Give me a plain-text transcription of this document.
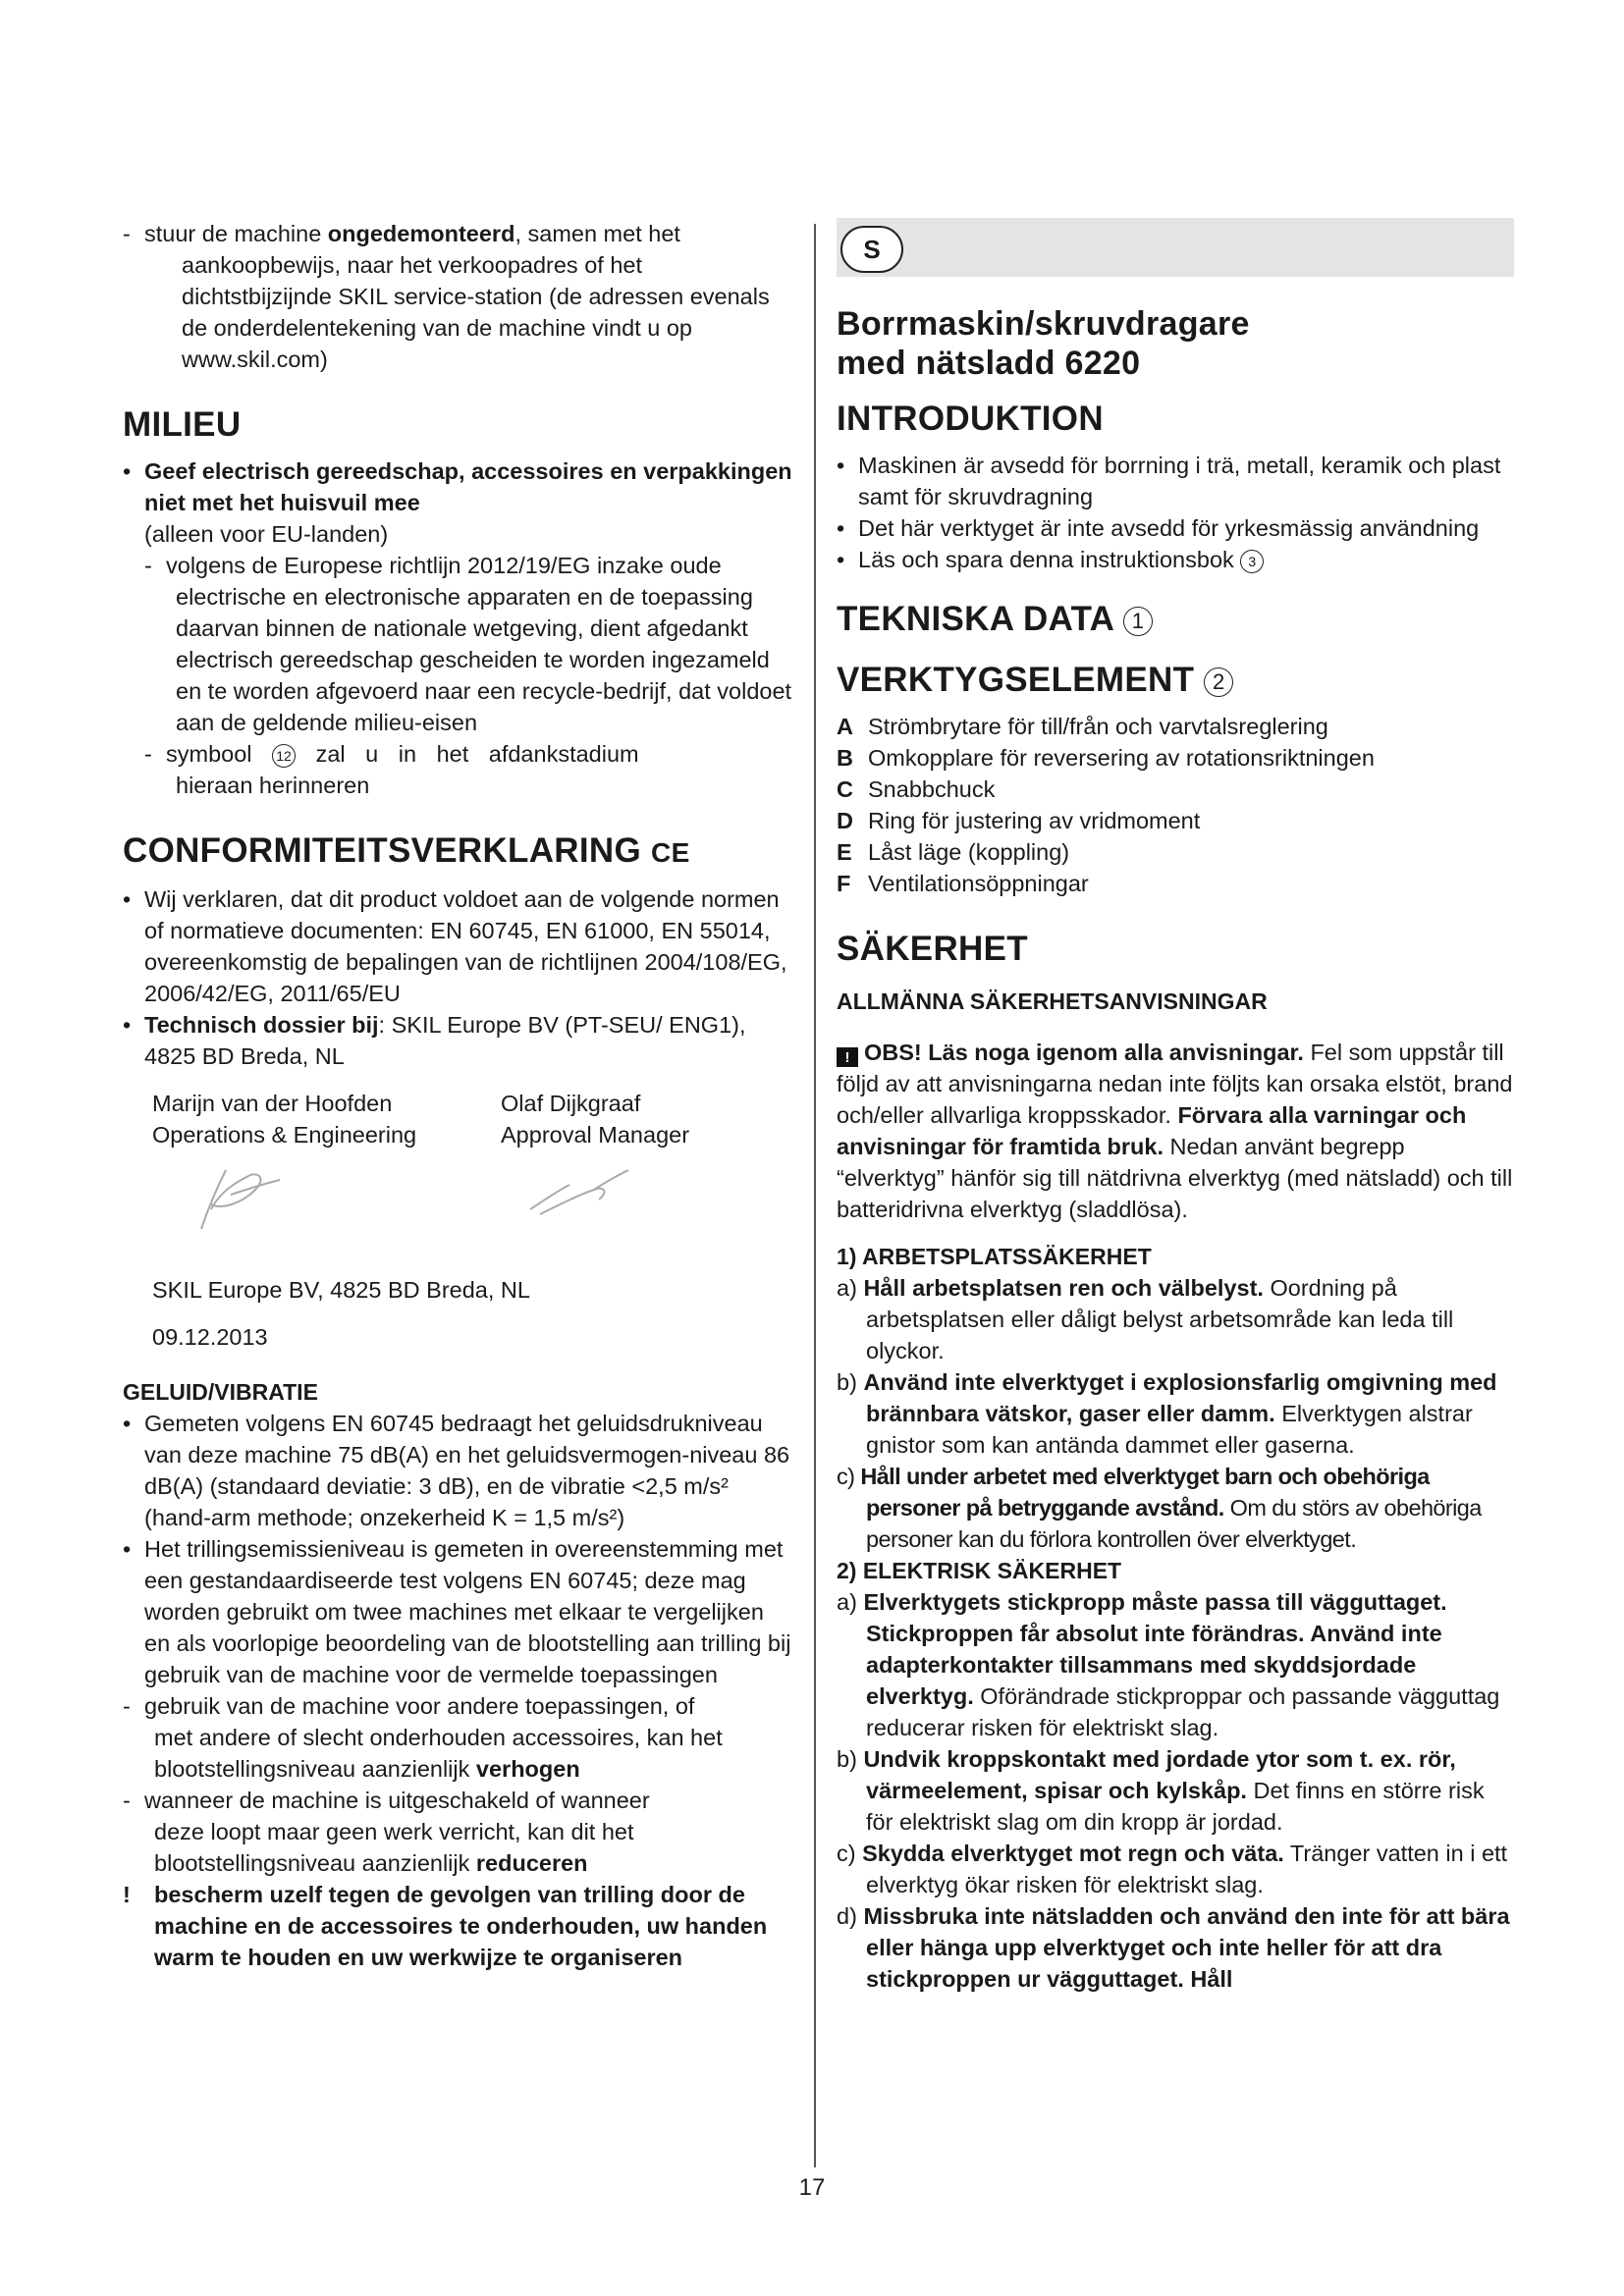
- stuur de machine ongedemonteerd, samen met het
aankoopbewijs, naar het verkoopadres of het dichtstbijzijnde SKIL service-station (de adressen evenals de onderdelentekening van de machine vindt u op www.skil.com)
MILIEU
• Geef electrisch gereedschap, accessoires en verpakkingen niet met het huisvuil mee
(alleen voor EU-landen)
- volgens de Europese richtlijn 2012/19/EG inzake oude
electrische en electronische apparaten en de toepassing daarvan binnen de nationale wetgeving, dient afgedankt electrisch gereedschap gescheiden te worden ingezameld en te worden afgevoerd naar een recycle-bedrijf, dat voldoet aan de geldende milieu-eisen
- symbool 12 zal u in het afdankstadium
hieraan herinneren
CONFORMITEITSVERKLARING CE
• Wij verklaren, dat dit product voldoet aan de volgende normen of normatieve documenten: EN 60745, EN 61000, EN 55014, overeenkomstig de bepalingen van de richtlijnen 2004/108/EG, 2006/42/EG, 2011/65/EU
• Technisch dossier bij: SKIL Europe BV (PT-SEU/ ENG1), 4825 BD Breda, NL
Marijn van der Hoofden
Operations & Engineering
Olaf Dijkgraaf
Approval Manager
SKIL Europe BV, 4825 BD Breda, NL
09.12.2013
GELUID/VIBRATIE
• Gemeten volgens EN 60745 bedraagt het geluidsdrukniveau van deze machine 75 dB(A) en het geluidsvermogen-niveau 86 dB(A) (standaard deviatie: 3 dB), en de vibratie <2,5 m/s² (hand-arm methode; onzekerheid K = 1,5 m/s²)
• Het trillingsemissieniveau is gemeten in overeenstemming met een gestandaardiseerde test volgens EN 60745; deze mag worden gebruikt om twee machines met elkaar te vergelijken en als voorlopige beoordeling van de blootstelling aan trilling bij gebruik van de machine voor de vermelde toepassingen
- gebruik van de machine voor andere toepassingen, of
met andere of slecht onderhouden accessoires, kan het blootstellingsniveau aanzienlijk verhogen
- wanneer de machine is uitgeschakeld of wanneer
deze loopt maar geen werk verricht, kan dit het blootstellingsniveau aanzienlijk reduceren
!	bescherm uzelf tegen de gevolgen van trilling door de machine en de accessoires te onderhouden, uw handen warm te houden en uw werkwijze te organiseren
S
Borrmaskin/skruvdragare
med nätsladd 6220
INTRODUKTION
• Maskinen är avsedd för borrning i trä, metall, keramik och plast samt för skruvdragning
• Det här verktyget är inte avsedd för yrkesmässig användning
• Läs och spara denna instruktionsbok 3
TEKNISKA DATA 1
VERKTYGSELEMENT 2
A Strömbrytare för till/från och varvtalsreglering
B Omkopplare för reversering av rotationsriktningen
C Snabbchuck
D Ring för justering av vridmoment
E Låst läge (koppling)
F Ventilationsöppningar
SÄKERHET
ALLMÄNNA SÄKERHETSANVISNINGAR
! OBS! Läs noga igenom alla anvisningar. Fel som uppstår till följd av att anvisningarna nedan inte följts kan orsaka elstöt, brand och/eller allvarliga kroppsskador. Förvara alla varningar och anvisningar för framtida bruk. Nedan använt begrepp “elverktyg” hänför sig till nätdrivna elverktyg (med nätsladd) och till batteridrivna elverktyg (sladdlösa).
1) ARBETSPLATSSÄKERHET
a) Håll arbetsplatsen ren och välbelyst. Oordning på arbetsplatsen eller dåligt belyst arbetsområde kan leda till olyckor.
b) Använd inte elverktyget i explosionsfarlig omgivning med brännbara vätskor, gaser eller damm. Elverktygen alstrar gnistor som kan antända dammet eller gaserna.
c) Håll under arbetet med elverktyget barn och obehöriga personer på betryggande avstånd. Om du störs av obehöriga personer kan du förlora kontrollen över elverktyget.
2) ELEKTRISK SÄKERHET
a) Elverktygets stickpropp måste passa till vägguttaget. Stickproppen får absolut inte förändras. Använd inte adapterkontakter tillsammans med skyddsjordade elverktyg. Oförändrade stickproppar och passande vägguttag reducerar risken för elektriskt slag.
b) Undvik kroppskontakt med jordade ytor som t. ex. rör, värmeelement, spisar och kylskåp. Det finns en större risk för elektriskt slag om din kropp är jordad.
c) Skydda elverktyget mot regn och väta. Tränger vatten in i ett elverktyg ökar risken för elektriskt slag.
d) Missbruka inte nätsladden och använd den inte för att bära eller hänga upp elverktyget och inte heller för att dra stickproppen ur vägguttaget. Håll
17
